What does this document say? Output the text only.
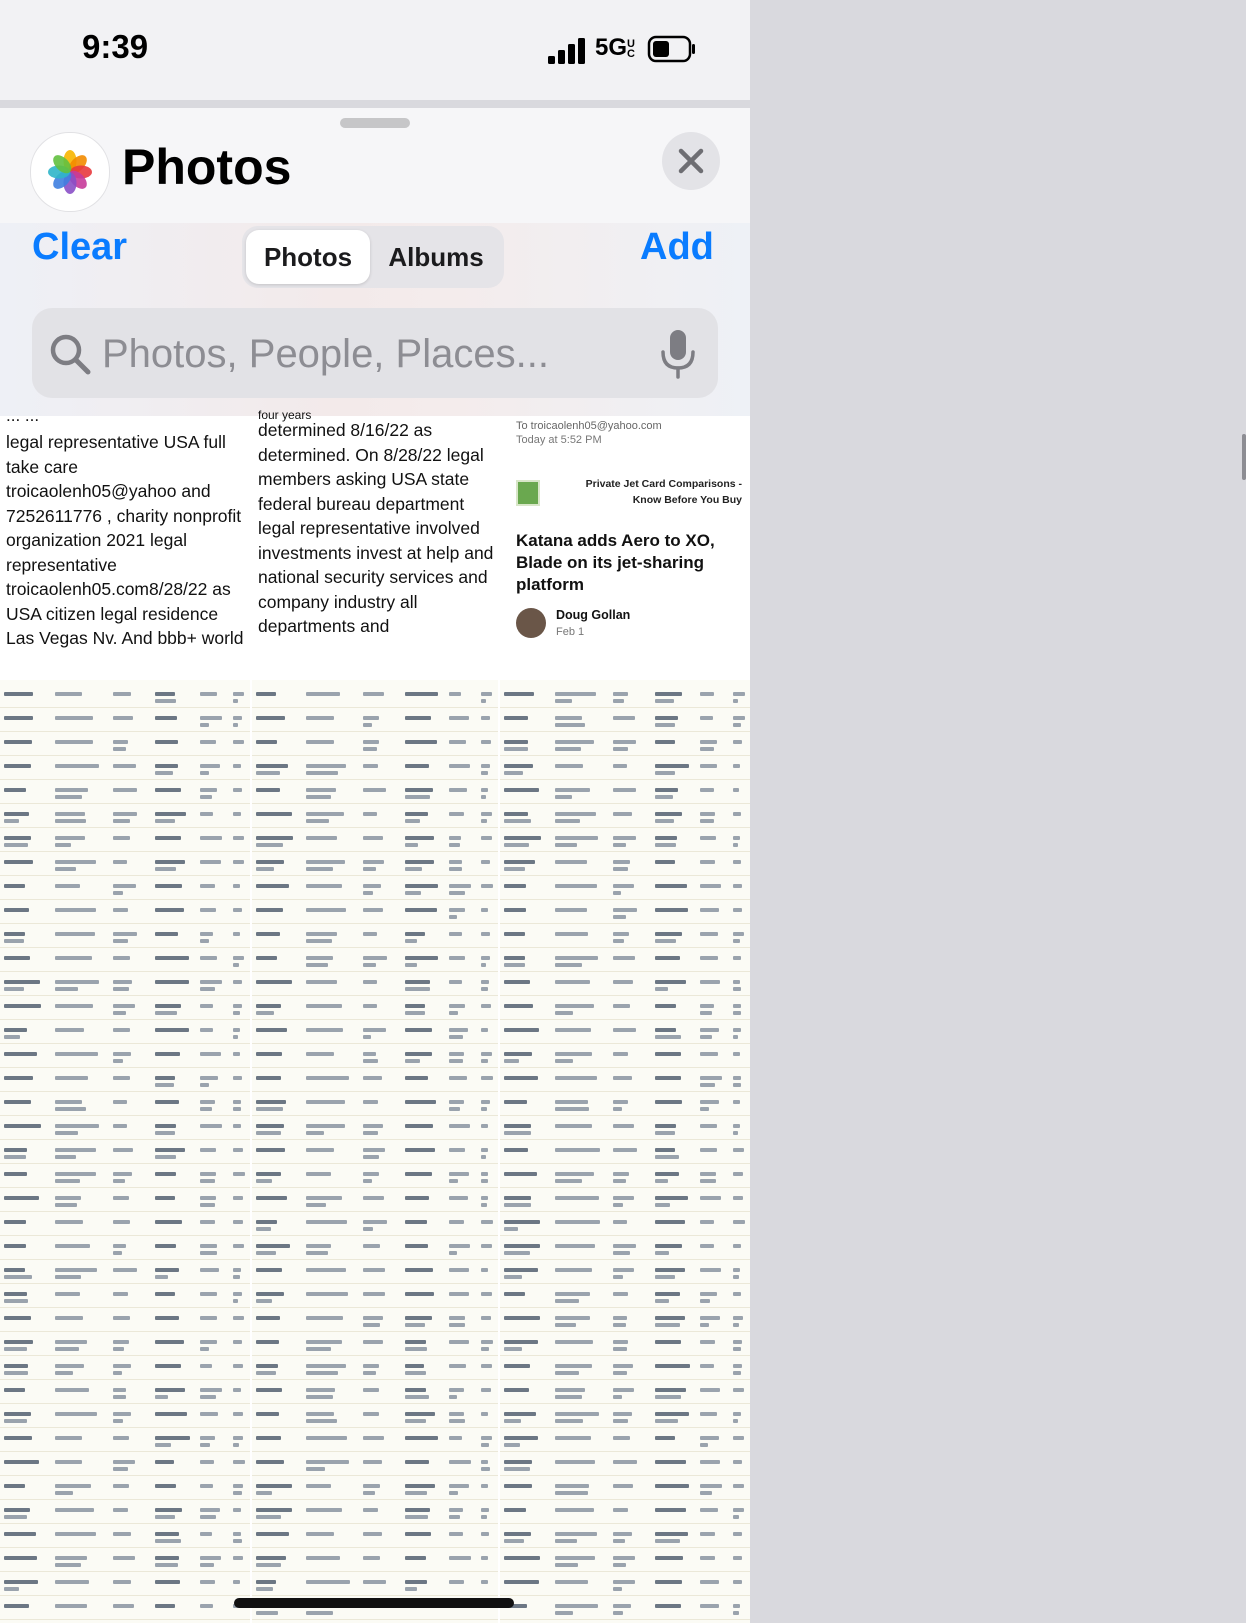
9:39	5GUC
Photos
Clear	Photos	Albums	Add
Photos, People, Places...
... ...
legal representative USA full take care troicaolenh05@yahoo and 7252611776 , charity nonprofit organization 2021 legal representative troicaolenh05.com8/28/22 as USA citizen legal residence Las Vegas Nv. And bbb+ world
four years
determined 8/16/22 as determined. On 8/28/22 legal members asking USA state federal bureau department legal representative involved investments invest at help and national security services and company industry all departments and
To troicaolenh05@yahoo.com
Today at 5:52 PM
Private Jet Card Comparisons - Know Before You Buy
Katana adds Aero to XO, Blade on its jet-sharing platform
Doug Gollan
Feb 1
